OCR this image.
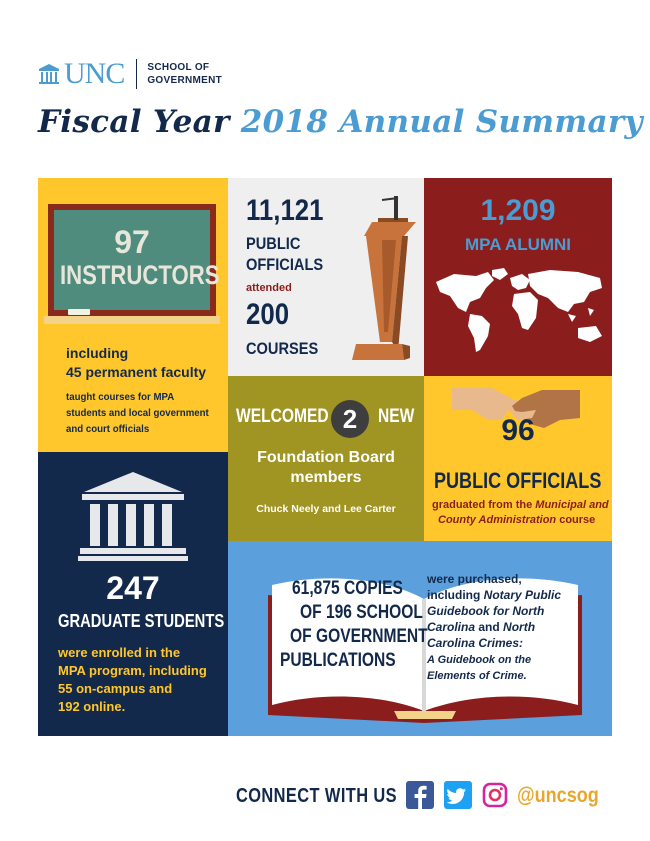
UNC SCHOOL OF
GOVERNMENT
Fiscal Year 2018 Annual Summary
97
INSTRUCTORS
including
45 permanent faculty
taught courses for MPA
students and local government
and court officials
11,121
PUBLIC
OFFICIALS
attended
200
COURSES
1,209
MPA ALUMNI
WELCOMED 2 NEW
Foundation Board
members
Chuck Neely and Lee Carter
96
PUBLIC OFFICIALS
graduated from the Municipal and
County Administration course
247
GRADUATE STUDENTS
were enrolled in the
MPA program, including
55 on-campus and
192 online.
61,875 COPIES
OF 196 SCHOOL
OF GOVERNMENT
PUBLICATIONS
were purchased,
including Notary Public
Guidebook for North
Carolina and North
Carolina Crimes:
A Guidebook on the
Elements of Crime.
CONNECT WITH US	@uncsog
